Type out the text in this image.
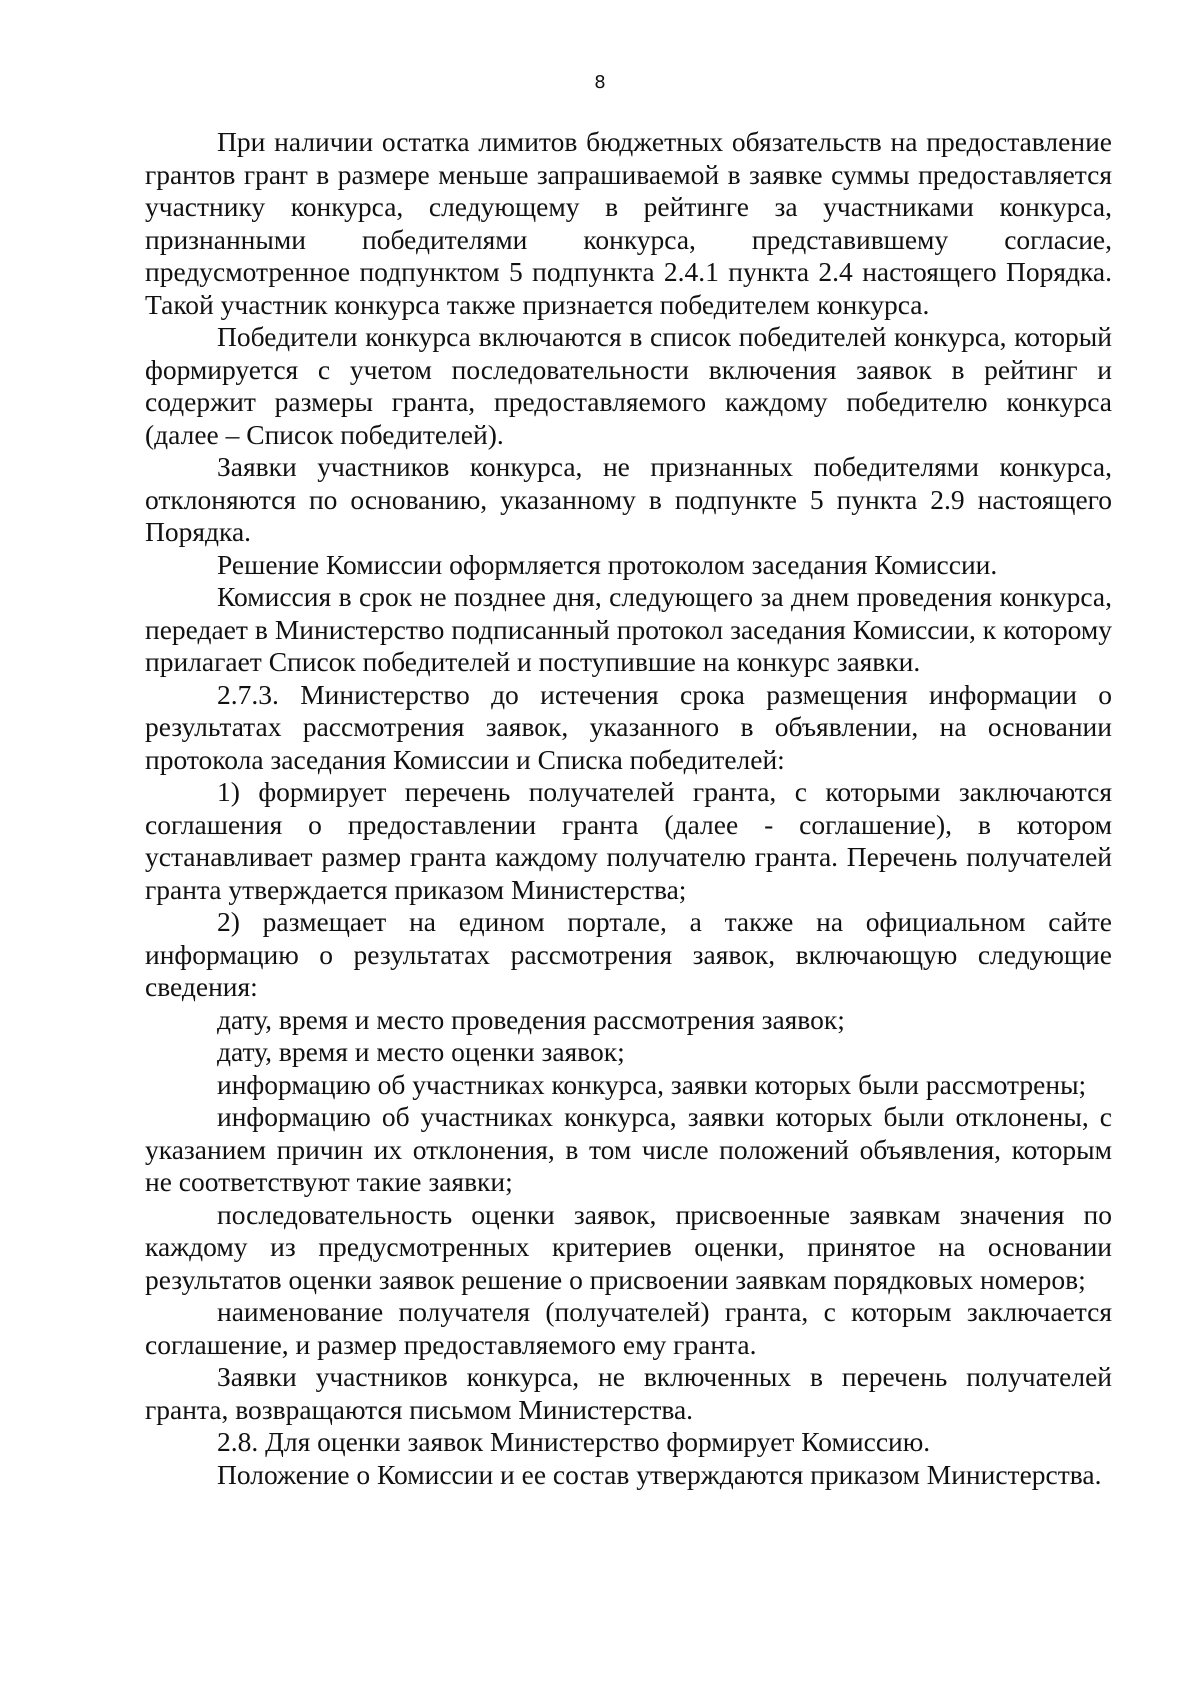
8

При наличии остатка лимитов бюджетных обязательств на предоставление грантов грант в размере меньше запрашиваемой в заявке суммы предоставляется участнику конкурса, следующему в рейтинге за участниками конкурса, признанными победителями конкурса, представившему согласие, предусмотренное подпунктом 5 подпункта 2.4.1 пункта 2.4 настоящего Порядка. Такой участник конкурса также признается победителем конкурса.

Победители конкурса включаются в список победителей конкурса, который формируется с учетом последовательности включения заявок в рейтинг и содержит размеры гранта, предоставляемого каждому победителю конкурса (далее – Список победителей).

Заявки участников конкурса, не признанных победителями конкурса, отклоняются по основанию, указанному в подпункте 5 пункта 2.9 настоящего Порядка.

Решение Комиссии оформляется протоколом заседания Комиссии.

Комиссия в срок не позднее дня, следующего за днем проведения конкурса, передает в Министерство подписанный протокол заседания Комиссии, к которому прилагает Список победителей и поступившие на конкурс заявки.

2.7.3. Министерство до истечения срока размещения информации о результатах рассмотрения заявок, указанного в объявлении, на основании протокола заседания Комиссии и Списка победителей:

1) формирует перечень получателей гранта, с которыми заключаются соглашения о предоставлении гранта (далее - соглашение), в котором устанавливает размер гранта каждому получателю гранта. Перечень получателей гранта утверждается приказом Министерства;

2) размещает на едином портале, а также на официальном сайте информацию о результатах рассмотрения заявок, включающую следующие сведения:

дату, время и место проведения рассмотрения заявок;

дату, время и место оценки заявок;

информацию об участниках конкурса, заявки которых были рассмотрены;

информацию об участниках конкурса, заявки которых были отклонены, с указанием причин их отклонения, в том числе положений объявления, которым не соответствуют такие заявки;

последовательность оценки заявок, присвоенные заявкам значения по каждому из предусмотренных критериев оценки, принятое на основании результатов оценки заявок решение о присвоении заявкам порядковых номеров;

наименование получателя (получателей) гранта, с которым заключается соглашение, и размер предоставляемого ему гранта.

Заявки участников конкурса, не включенных в перечень получателей гранта, возвращаются письмом Министерства.

2.8. Для оценки заявок Министерство формирует Комиссию.

Положение о Комиссии и ее состав утверждаются приказом Министерства.
